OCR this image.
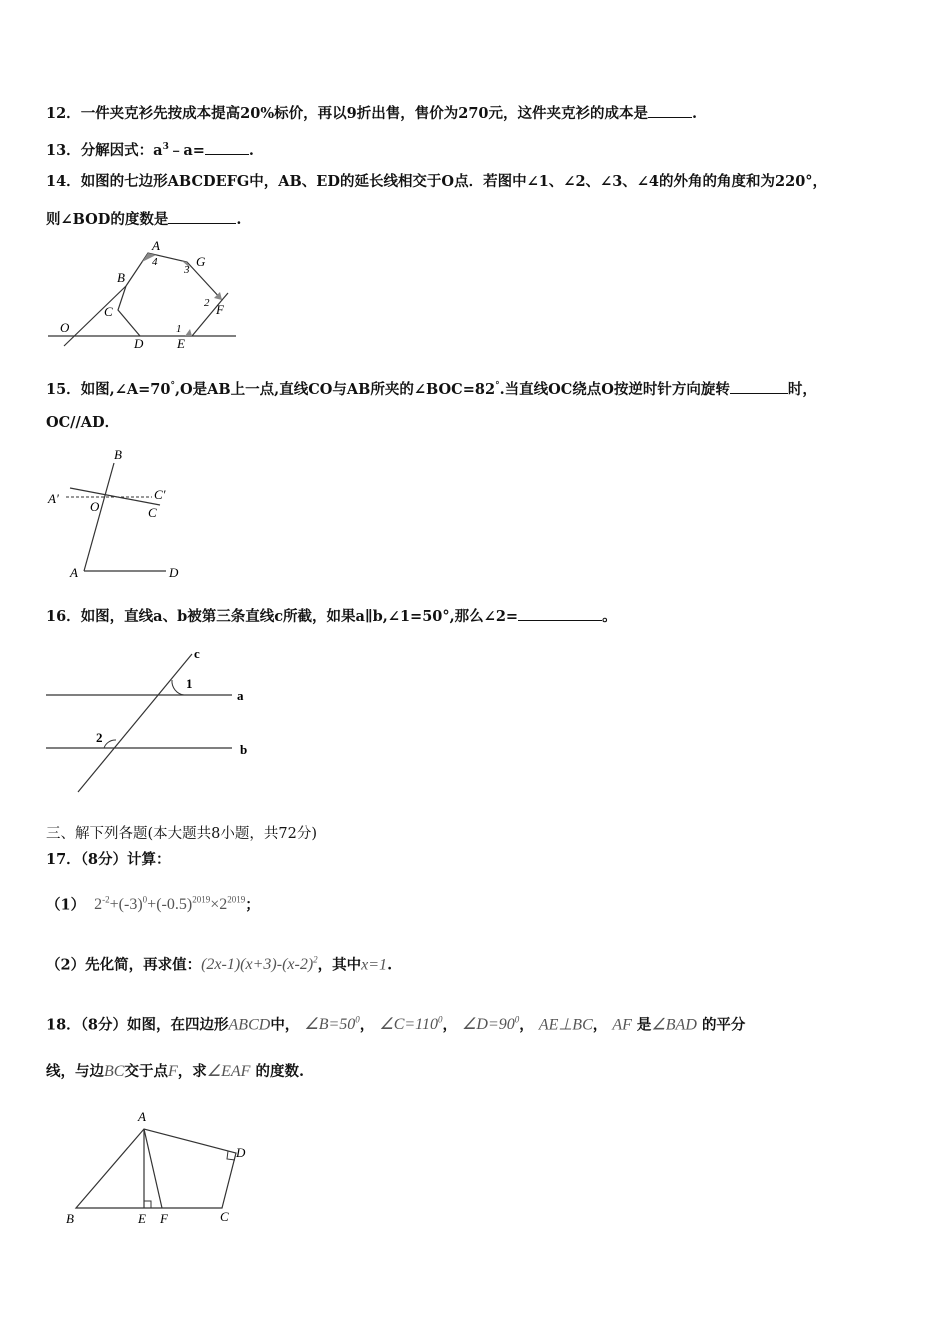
12．一件夹克衫先按成本提高20%标价，再以9折出售，售价为270元，这件夹克衫的成本是	.
13．分解因式：$a^3﹣a=$	.
14．如图的七边形ABCDEFG中，AB、ED的延长线相交于O点．若图中∠1、∠2、∠3、∠4的外角的角度和为220°，
则∠BOD的度数是	.
A
4	G
3
B
2 F
C
O	1
D	E
15．如图,∠A=70°,O是AB上一点,直线CO与AB所夹的∠BOC=82°.当直线OC绕点O按逆时针方向旋转	时，
OC//AD．
B
A′	C′
O	C
A	D
16．如图，直线a、b被第三条直线c所截，如果a∥b,∠1=50°,那么∠2=	。
c
1
a
2
b
三、解下列各题(本大题共8小题，共72分)
17．（8分）计算：
（1） $2^{-2}+(-3)^0+(-0.5)^{2019}\times 2^{2019}$；
（2）先化简，再求值：$(2x-1)(x+3)-(x-2)^2$，其中x=1.
18．（8分）如图，在四边形ABCD中， $\angle B=50^0$， $\angle C=110^0$， $\angle D=90^0$， AE⊥BC， AF 是∠BAD 的平分
线，与边BC交于点F，求∠EAF 的度数.
A
D
B	E F	C
